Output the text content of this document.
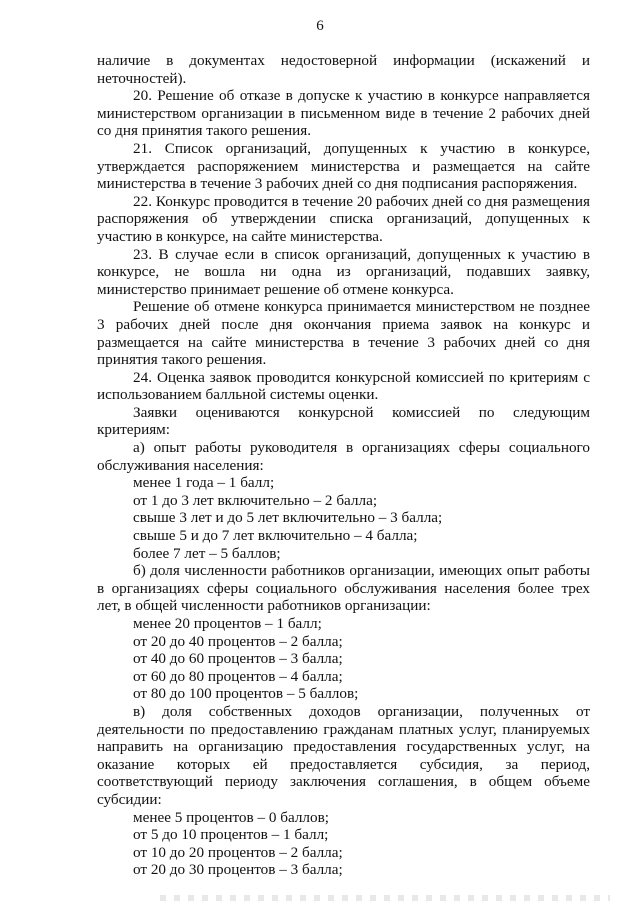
6

наличие в документах недостоверной информации (искажений и неточностей).

20. Решение об отказе в допуске к участию в конкурсе направляется министерством организации в письменном виде в течение 2 рабочих дней со дня принятия такого решения.

21. Список организаций, допущенных к участию в конкурсе, утверждается распоряжением министерства и размещается на сайте министерства в течение 3 рабочих дней со дня подписания распоряжения.

22. Конкурс проводится в течение 20 рабочих дней со дня размещения распоряжения об утверждении списка организаций, допущенных к участию в конкурсе, на сайте министерства.

23. В случае если в список организаций, допущенных к участию в конкурсе, не вошла ни одна из организаций, подавших заявку, министерство принимает решение об отмене конкурса.

Решение об отмене конкурса принимается министерством не позднее 3 рабочих дней после дня окончания приема заявок на конкурс и размещается на сайте министерства в течение 3 рабочих дней со дня принятия такого решения.

24. Оценка заявок проводится конкурсной комиссией по критериям с использованием балльной системы оценки.

Заявки оцениваются конкурсной комиссией по следующим критериям:

а) опыт работы руководителя в организациях сферы социального обслуживания населения:

менее 1 года – 1 балл;

от 1 до 3 лет включительно – 2 балла;

свыше 3 лет и до 5 лет включительно – 3 балла;

свыше 5 и до 7 лет включительно – 4 балла;

более 7 лет – 5 баллов;

б) доля численности работников организации, имеющих опыт работы в организациях сферы социального обслуживания населения более трех лет, в общей численности работников организации:

менее 20 процентов – 1 балл;

от 20 до 40 процентов – 2 балла;

от 40 до 60 процентов – 3 балла;

от 60 до 80 процентов – 4 балла;

от 80 до 100 процентов – 5 баллов;

в) доля собственных доходов организации, полученных от деятельности по предоставлению гражданам платных услуг, планируемых направить на организацию предоставления государственных услуг, на оказание которых ей предоставляется субсидия, за период, соответствующий периоду заключения соглашения, в общем объеме субсидии:

менее 5 процентов – 0 баллов;

от 5 до 10 процентов – 1 балл;

от 10 до 20 процентов – 2 балла;

от 20 до 30 процентов – 3 балла;
